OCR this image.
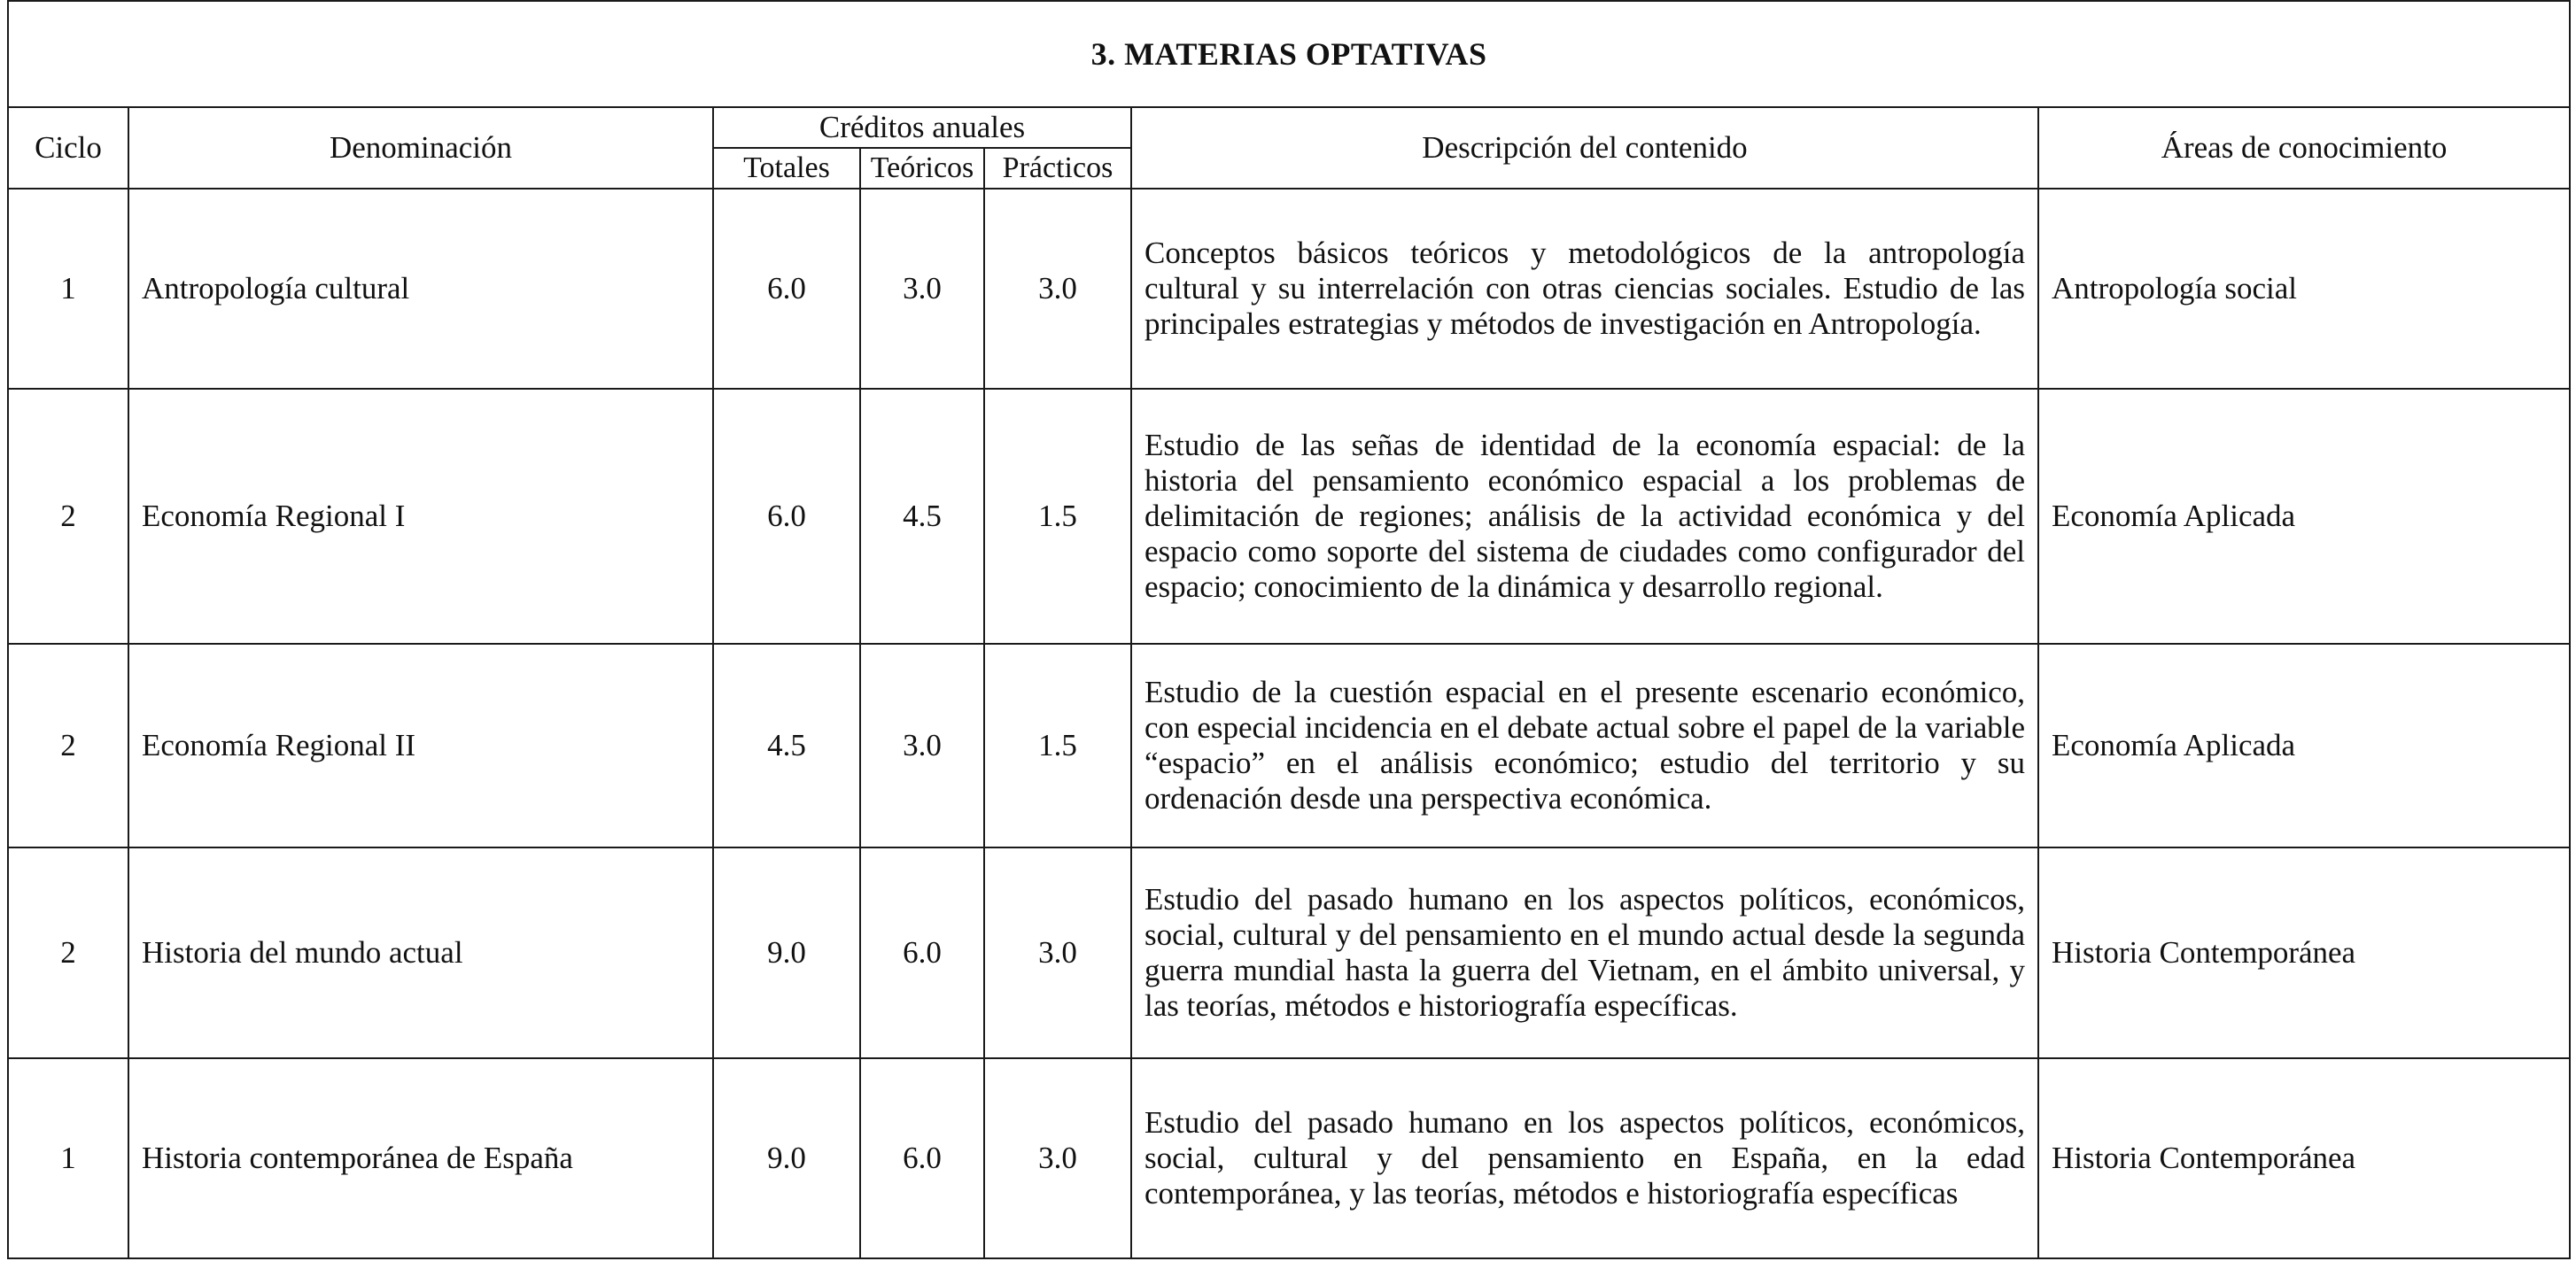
3. MATERIAS OPTATIVAS						
Ciclo	Denominación	Créditos anuales			Descripción del contenido	Áreas de conocimiento
		Totales	Teóricos	Prácticos		
1	Antropología cultural	6.0	3.0	3.0	Conceptos básicos teóricos y metodológicos de la antropología cultural y su interrelación con otras ciencias sociales. Estudio de las principales estrategias y métodos de investigación en Antropología.	Antropología social
2	Economía Regional I	6.0	4.5	1.5	Estudio de las señas de identidad de la economía espacial: de la historia del pensamiento económico espacial a los problemas de delimitación de regiones; análisis de la actividad económica y del espacio como soporte del sistema de ciudades como configurador del espacio; conocimiento de la dinámica y desarrollo regional.	Economía Aplicada
2	Economía Regional II	4.5	3.0	1.5	Estudio de la cuestión espacial en el presente escenario económico, con especial incidencia en el debate actual sobre el papel de la variable “espacio” en el análisis económico; estudio del territorio y su ordenación desde una perspectiva económica.	Economía Aplicada
2	Historia del mundo actual	9.0	6.0	3.0	Estudio del pasado humano en los aspectos políticos, económicos, social, cultural y del pensamiento en el mundo actual desde la segunda guerra mundial hasta la guerra del Vietnam, en el ámbito universal, y las teorías, métodos e historiografía específicas.	Historia Contemporánea
1	Historia contemporánea de España	9.0	6.0	3.0	Estudio del pasado humano en los aspectos políticos, económicos, social, cultural y del pensamiento en España, en la edad contemporánea, y las teorías, métodos e historiografía específicas	Historia Contemporánea
